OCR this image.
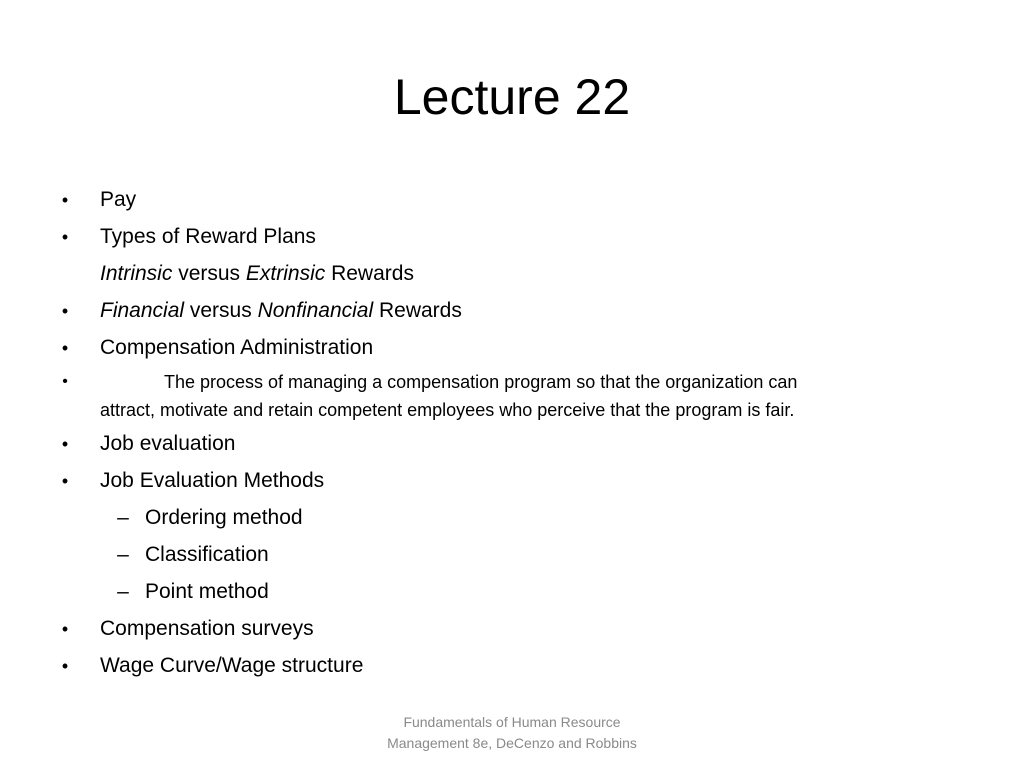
Lecture 22
• Pay
• Types of Reward Plans
Intrinsic versus Extrinsic Rewards
• Financial versus Nonfinancial Rewards
• Compensation Administration
•	The process of managing a compensation program so that the organization can
attract, motivate and retain competent employees who perceive that the program is fair.
• Job evaluation
• Job Evaluation Methods
– Ordering method
– Classification
– Point method
• Compensation surveys
• Wage Curve/Wage structure
Fundamentals of Human Resource
Management 8e, DeCenzo and Robbins
